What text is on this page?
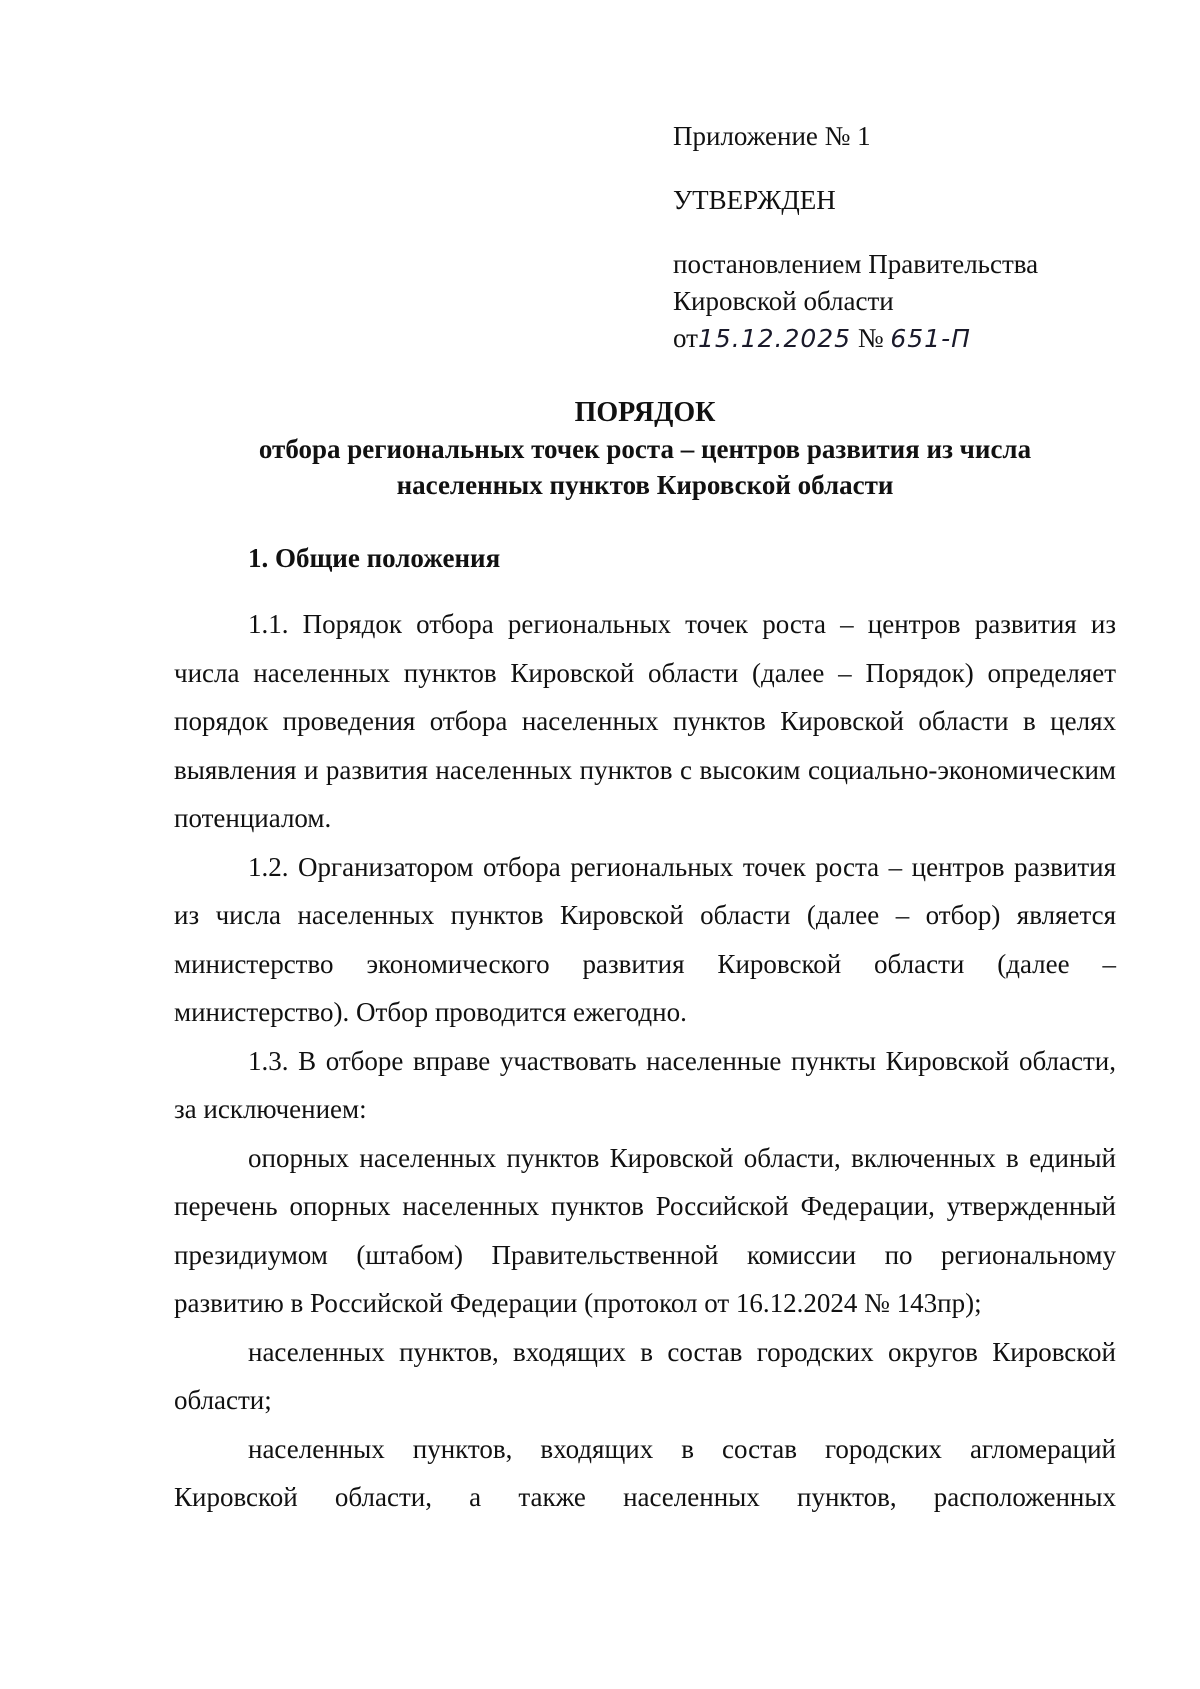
Приложение № 1

УТВЕРЖДЕН

постановлением Правительства
Кировской области
от15.12.2025 № 651-П

ПОРЯДОК

отбора региональных точек роста – центров развития из числа

населенных пунктов Кировской области

1. Общие положения

1.1. Порядок отбора региональных точек роста – центров развития из числа населенных пунктов Кировской области (далее – Порядок) определяет порядок проведения отбора населенных пунктов Кировской области в целях выявления и развития населенных пунктов с высоким социально-экономическим потенциалом.

1.2. Организатором отбора региональных точек роста – центров развития из числа населенных пунктов Кировской области (далее – отбор) является министерство экономического развития Кировской области (далее – министерство). Отбор проводится ежегодно.

1.3. В отборе вправе участвовать населенные пункты Кировской области, за исключением:

опорных населенных пунктов Кировской области, включенных в единый перечень опорных населенных пунктов Российской Федерации, утвержденный президиумом (штабом) Правительственной комиссии по региональному развитию в Российской Федерации (протокол от 16.12.2024 № 143пр);

населенных пунктов, входящих в состав городских округов Кировской области;

населенных пунктов, входящих в состав городских агломераций Кировской области, а также населенных пунктов, расположенных
